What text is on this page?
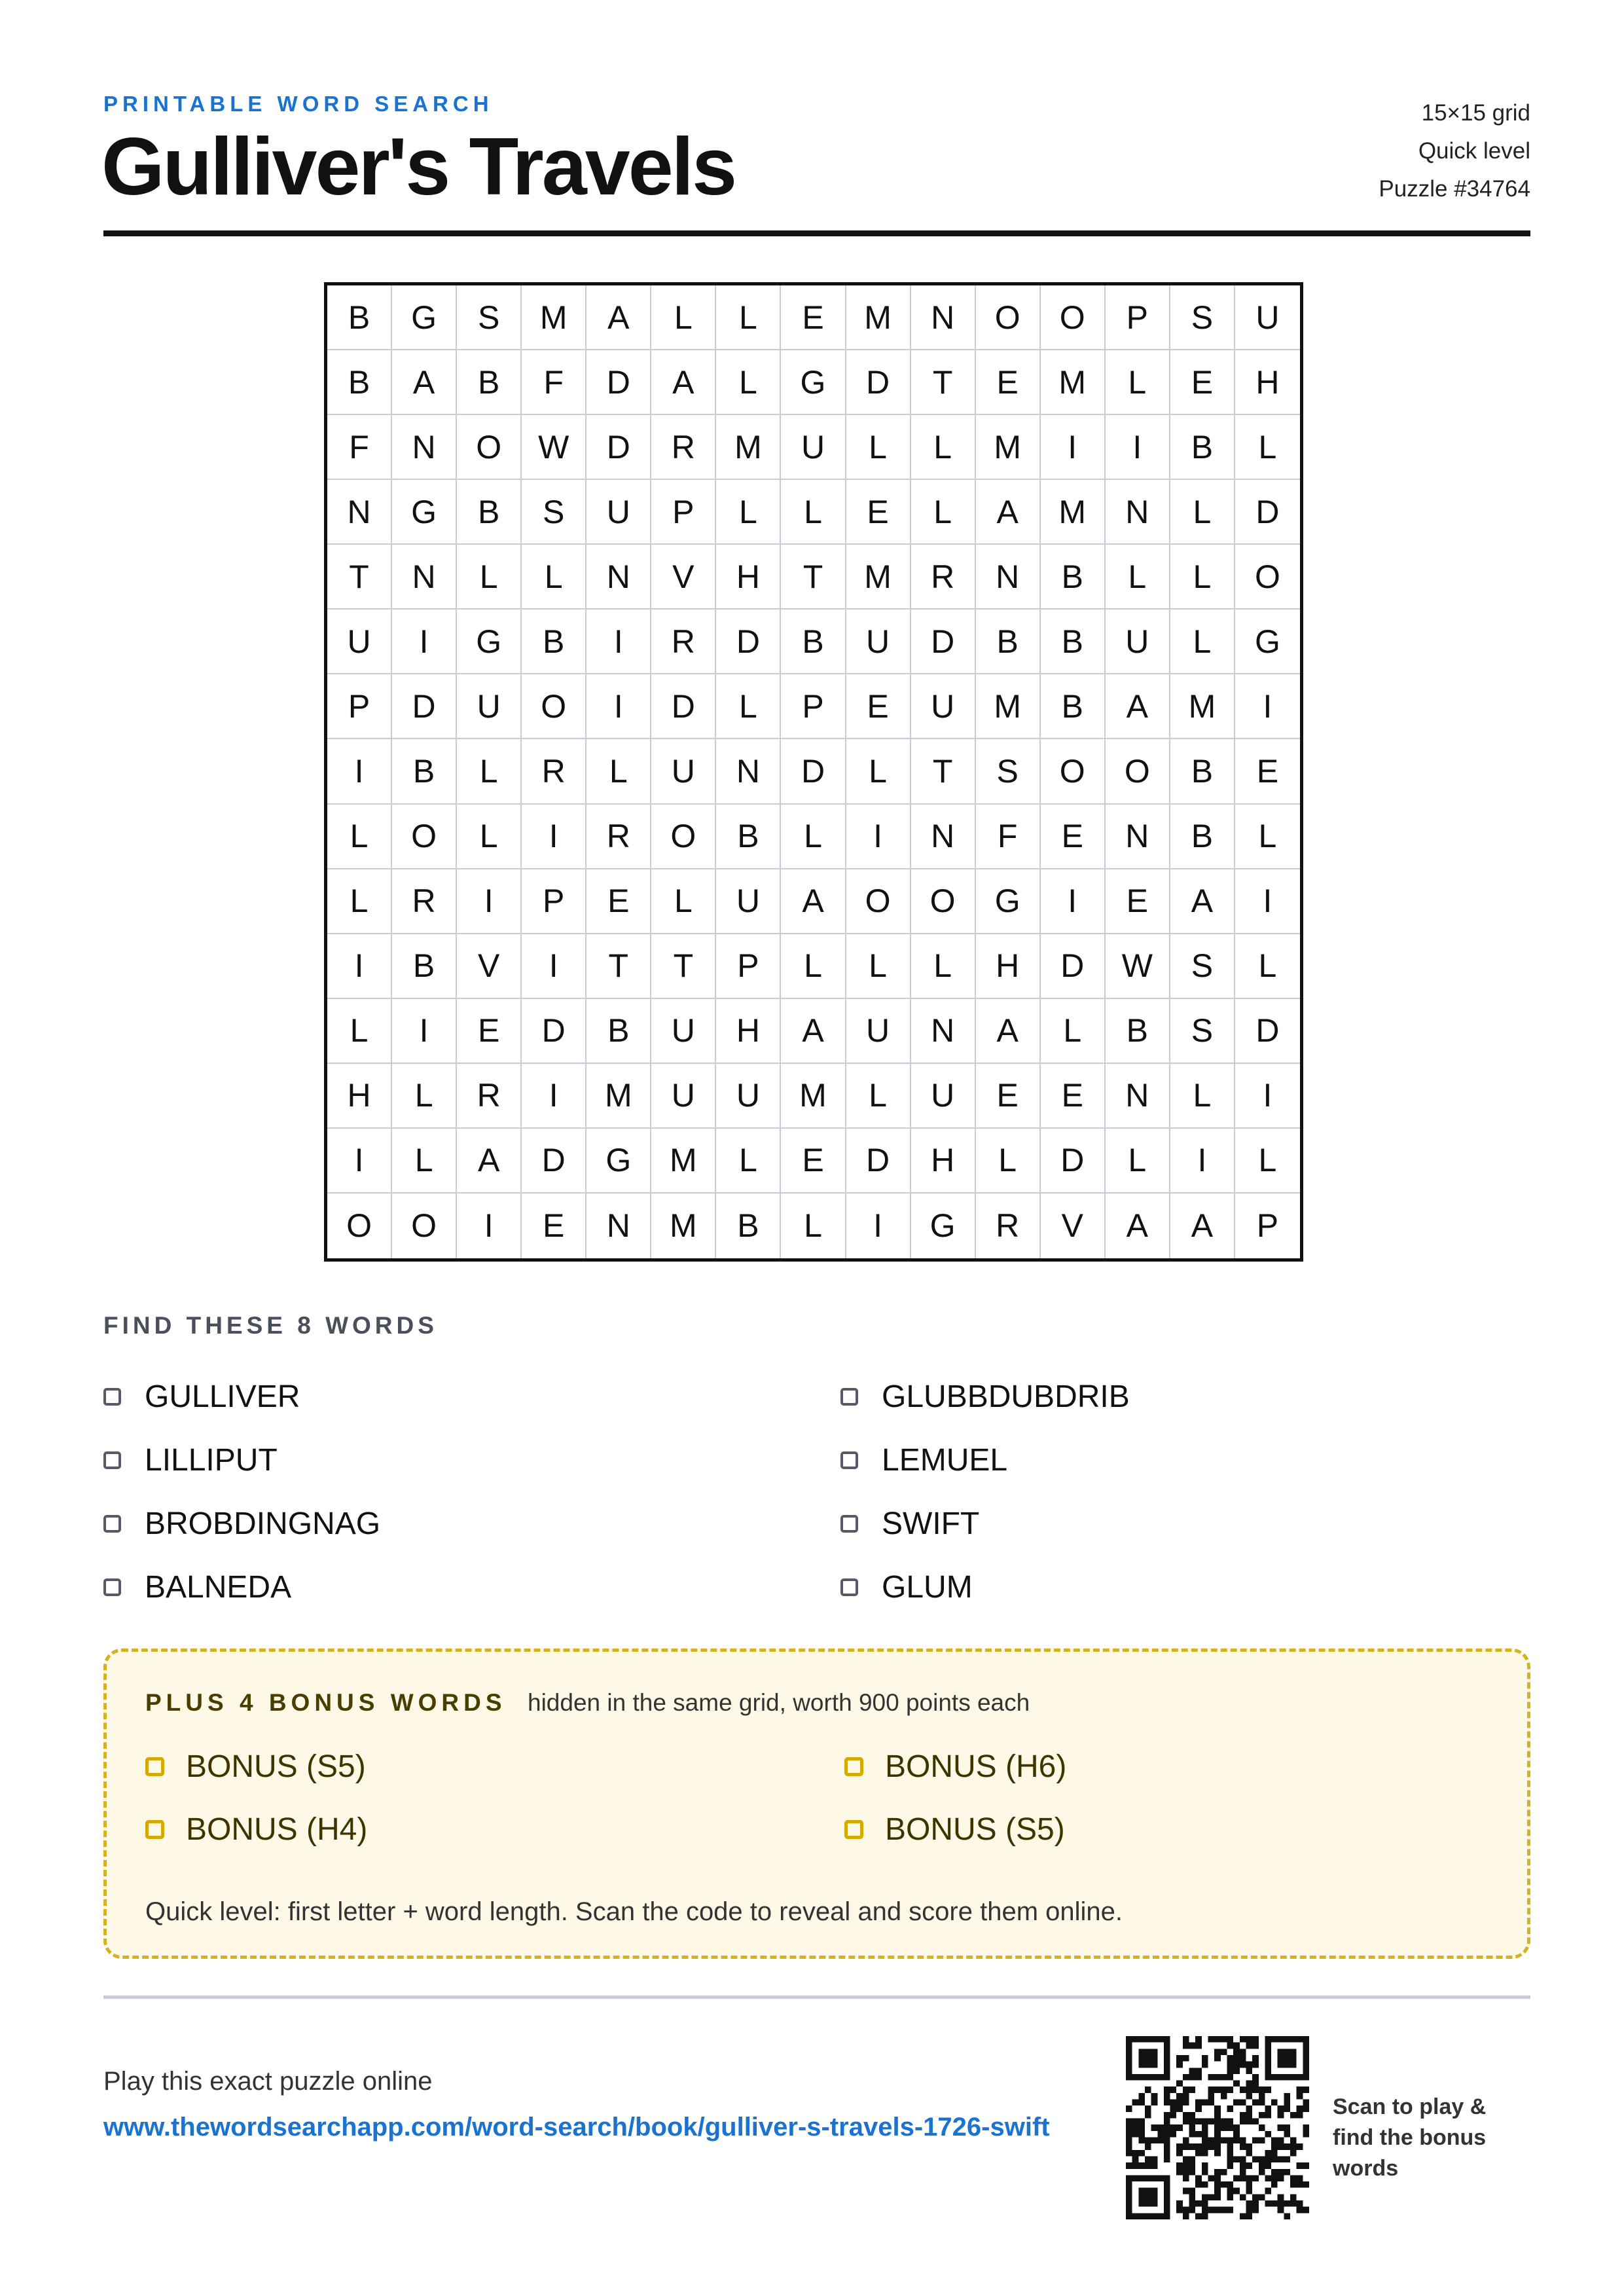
PRINTABLE WORD SEARCH
Gulliver's Travels
15×15 grid
Quick level
Puzzle #34764
B	G	S	M	A	L	L	E	M	N	O	O	P	S	U
B	A	B	F	D	A	L	G	D	T	E	M	L	E	H
F	N	O	W	D	R	M	U	L	L	M	I	I	B	L
N	G	B	S	U	P	L	L	E	L	A	M	N	L	D
T	N	L	L	N	V	H	T	M	R	N	B	L	L	O
U	I	G	B	I	R	D	B	U	D	B	B	U	L	G
P	D	U	O	I	D	L	P	E	U	M	B	A	M	I
I	B	L	R	L	U	N	D	L	T	S	O	O	B	E
L	O	L	I	R	O	B	L	I	N	F	E	N	B	L
L	R	I	P	E	L	U	A	O	O	G	I	E	A	I
I	B	V	I	T	T	P	L	L	L	H	D	W	S	L
L	I	E	D	B	U	H	A	U	N	A	L	B	S	D
H	L	R	I	M	U	U	M	L	U	E	E	N	L	I
I	L	A	D	G	M	L	E	D	H	L	D	L	I	L
O	O	I	E	N	M	B	L	I	G	R	V	A	A	P
FIND THESE 8 WORDS
GULLIVER	GLUBBDUBDRIB
LILLIPUT	LEMUEL
BROBDINGNAG	SWIFT
BALNEDA	GLUM
PLUS 4 BONUS WORDS hidden in the same grid, worth 900 points each
BONUS (S5)	BONUS (H6)
BONUS (H4)	BONUS (S5)
Quick level: first letter + word length. Scan the code to reveal and score them online.
Play this exact puzzle online
www.thewordsearchapp.com/word-search/book/gulliver-s-travels-1726-swift
Scan to play & find the bonus words
